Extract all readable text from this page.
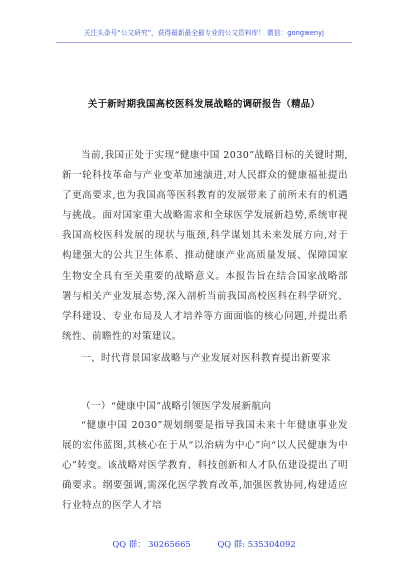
关注头条号“公文研究”，获得最新最全最专业的公文资料库！ 微信：gongwenyj
关于新时期我国高校医科发展战略的调研报告（精品）
当前,我国正处于实现“健康中国 2030”战略目标的关键时期,新一轮科技革命与产业变革加速演进,对人民群众的健康福祉提出了更高要求,也为我国高等医科教育的发展带来了前所未有的机遇与挑战。面对国家重大战略需求和全球医学发展新趋势,系统审视我国高校医科发展的现状与瓶颈,科学谋划其未来发展方向,对于构建强大的公共卫生体系、推动健康产业高质量发展、保障国家生物安全具有至关重要的战略意义。本报告旨在结合国家战略部署与相关产业发展态势,深入剖析当前我国高校医科在科学研究、学科建设、专业布局及人才培养等方面面临的核心问题,并提出系统性、前瞻性的对策建议。
一、时代背景国家战略与产业发展对医科教育提出新要求
（一）“健康中国”战略引领医学发展新航向
“健康中国 2030”规划纲要是指导我国未来十年健康事业发展的宏伟蓝图,其核心在于从“以治病为中心”向“以人民健康为中心”转变。该战略对医学教育、科技创新和人才队伍建设提出了明确要求。纲要强调,需深化医学教育改革,加强医教协同,构建适应行业特点的医学人才培
QQ 群： 30265665	QQ 群: 535304092
